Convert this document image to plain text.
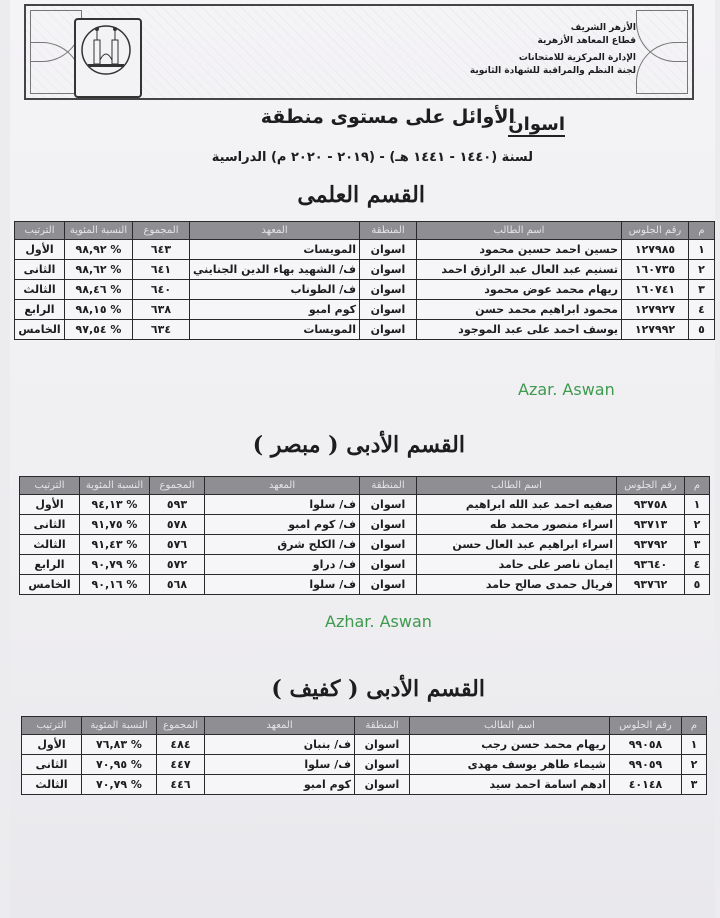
الأزهر الشريف
قطاع المعاهد الأزهرية
الإدارة المركزية للامتحانات
لجنة النظم والمراقبة للشهادة الثانوية
الأوائل على مستوى منطقة
اسوان
لسنة (١٤٤٠ - ١٤٤١ هـ) - (٢٠١٩ - ٢٠٢٠ م) الدراسية
القسم العلمى
م	رقم الجلوس	اسم الطالب	المنطقة	المعهد	المجموع	النسبة المئوية	الترتيب
١	١٢٧٩٨٥	حسين احمد حسين محمود	اسوان	المويسات	٦٤٣	% ٩٨,٩٢	الأول
٢	١٦٠٧٣٥	تسنيم عبد العال عبد الرازق احمد	اسوان	ف/ الشهيد بهاء الدين الجنايني	٦٤١	% ٩٨,٦٢	الثانى
٣	١٦٠٧٤١	ريهام محمد عوض محمود	اسوان	ف/ الطوناب	٦٤٠	% ٩٨,٤٦	الثالث
٤	١٢٧٩٢٧	محمود ابراهيم محمد حسن	اسوان	كوم امبو	٦٣٨	% ٩٨,١٥	الرابع
٥	١٢٧٩٩٢	يوسف احمد على عبد الموجود	اسوان	المويسات	٦٣٤	% ٩٧,٥٤	الخامس
Azar. Aswan
القسم الأدبى ( مبصر )
م	رقم الجلوس	اسم الطالب	المنطقة	المعهد	المجموع	النسبة المئوية	الترتيب
١	٩٣٧٥٨	صفيه احمد عبد الله ابراهيم	اسوان	ف/ سلوا	٥٩٣	% ٩٤,١٣	الأول
٢	٩٣٧١٣	اسراء منصور محمد طه	اسوان	ف/ كوم امبو	٥٧٨	% ٩١,٧٥	الثانى
٣	٩٣٧٩٢	اسراء ابراهيم عبد العال حسن	اسوان	ف/ الكلح شرق	٥٧٦	% ٩١,٤٣	الثالث
٤	٩٣٦٤٠	ايمان ناصر على حامد	اسوان	ف/ دراو	٥٧٢	% ٩٠,٧٩	الرابع
٥	٩٣٧٦٢	فريال حمدى صالح حامد	اسوان	ف/ سلوا	٥٦٨	% ٩٠,١٦	الخامس
Azhar. Aswan
القسم الأدبى ( كفيف )
م	رقم الجلوس	اسم الطالب	المنطقة	المعهد	المجموع	النسبة المئوية	الترتيب
١	٩٩٠٥٨	ريهام محمد حسن رجب	اسوان	ف/ بنبان	٤٨٤	% ٧٦,٨٣	الأول
٢	٩٩٠٥٩	شيماء طاهر يوسف مهدى	اسوان	ف/ سلوا	٤٤٧	% ٧٠,٩٥	الثانى
٣	٤٠١٤٨	ادهم اسامة احمد سيد	اسوان	كوم امبو	٤٤٦	% ٧٠,٧٩	الثالث
